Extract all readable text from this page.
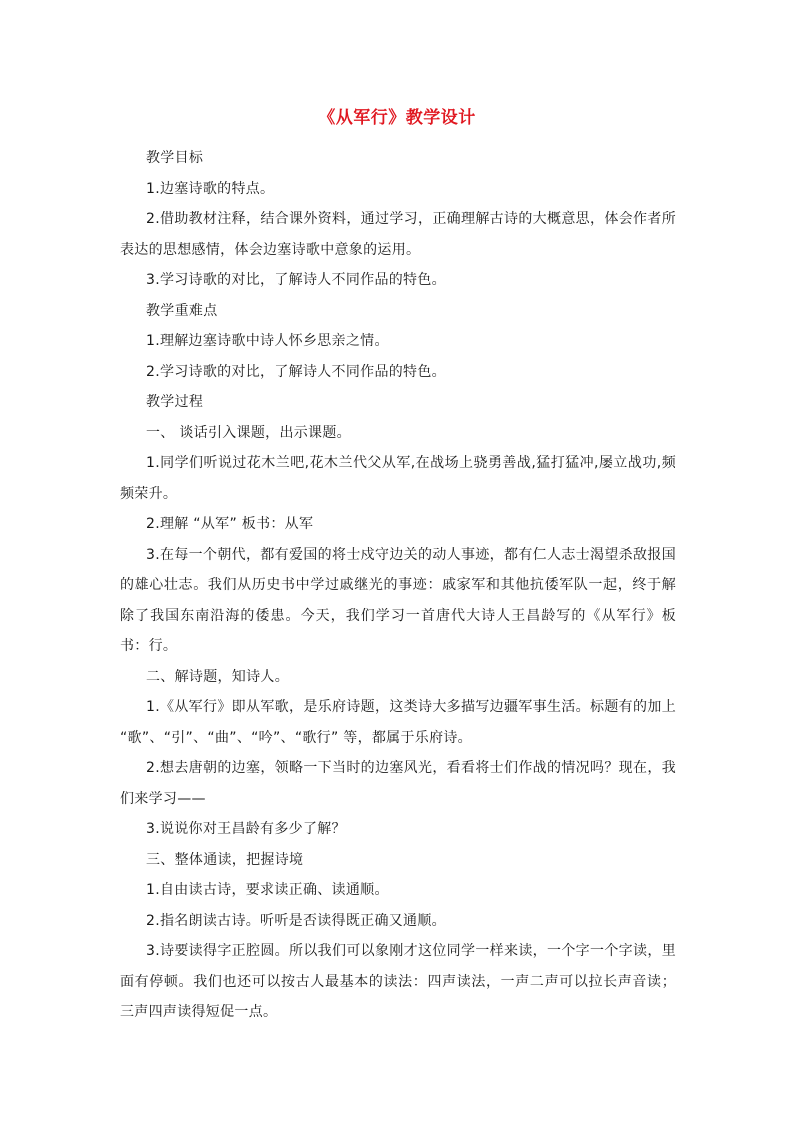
《从军行》教学设计

教学目标

1.边塞诗歌的特点。

2.借助教材注释，结合课外资料，通过学习，正确理解古诗的大概意思，体会作者所表达的思想感情，体会边塞诗歌中意象的运用。

3.学习诗歌的对比，了解诗人不同作品的特色。

教学重难点

1.理解边塞诗歌中诗人怀乡思亲之情。

2.学习诗歌的对比，了解诗人不同作品的特色。

教学过程

一、 谈话引入课题，出示课题。

1.同学们听说过花木兰吧,花木兰代父从军,在战场上骁勇善战,猛打猛冲,屡立战功,频频荣升。

2.理解 “从军” 板书：从军

3.在每一个朝代，都有爱国的将士戍守边关的动人事迹，都有仁人志士渴望杀敌报国的雄心壮志。我们从历史书中学过戚继光的事迹：戚家军和其他抗倭军队一起，终于解除了我国东南沿海的倭患。今天，我们学习一首唐代大诗人王昌龄写的《从军行》板书：行。

二、解诗题，知诗人。

1.《从军行》即从军歌，是乐府诗题，这类诗大多描写边疆军事生活。标题有的加上 “歌”、“引”、“曲”、“吟”、“歌行” 等，都属于乐府诗。

2.想去唐朝的边塞，领略一下当时的边塞风光，看看将士们作战的情况吗？现在，我们来学习——

3.说说你对王昌龄有多少了解？

三、整体通读，把握诗境

1.自由读古诗，要求读正确、读通顺。

2.指名朗读古诗。听听是否读得既正确又通顺。

3.诗要读得字正腔圆。所以我们可以象刚才这位同学一样来读，一个字一个字读，里面有停顿。我们也还可以按古人最基本的读法：四声读法，一声二声可以拉长声音读；三声四声读得短促一点。
